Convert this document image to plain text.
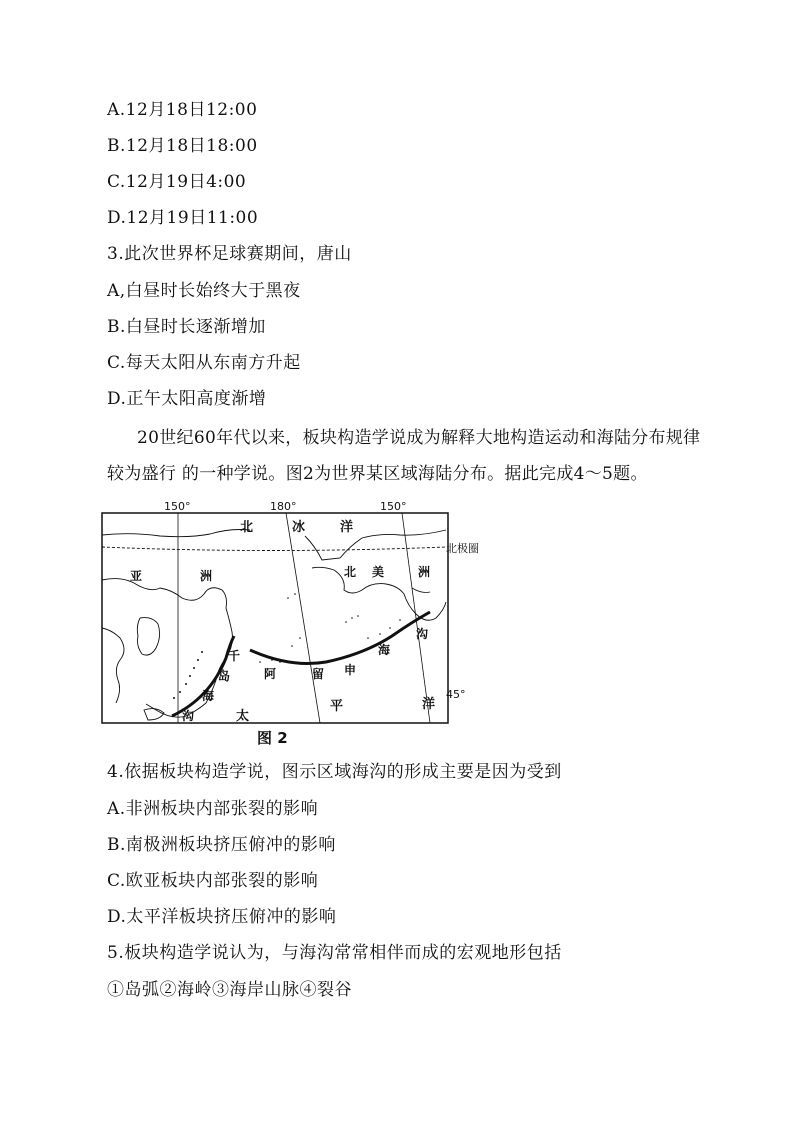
A.12月18日12:00
B.12月18日18:00
C.12月19日4:00
D.12月19日11:00
3.此次世界杯足球赛期间，唐山
A,白昼时长始终大于黑夜
B.白昼时长逐渐增加
C.每天太阳从东南方升起
D.正午太阳高度渐增
20世纪60年代以来，板块构造学说成为解释大地构造运动和海陆分布规律
较为盛行 的一种学说。图2为世界某区域海陆分布。据此完成4～5题。
150°	180°	150°
45°
北极圈
北	冰	洋
亚	洲	北 美	洲
千
岛
海
沟
阿	留 申
海
沟
太
平	洋
图 2
4.依据板块构造学说，图示区域海沟的形成主要是因为受到
A.非洲板块内部张裂的影响
B.南极洲板块挤压俯冲的影响
C.欧亚板块内部张裂的影响
D.太平洋板块挤压俯冲的影响
5.板块构造学说认为，与海沟常常相伴而成的宏观地形包括
①岛弧②海岭③海岸山脉④裂谷
